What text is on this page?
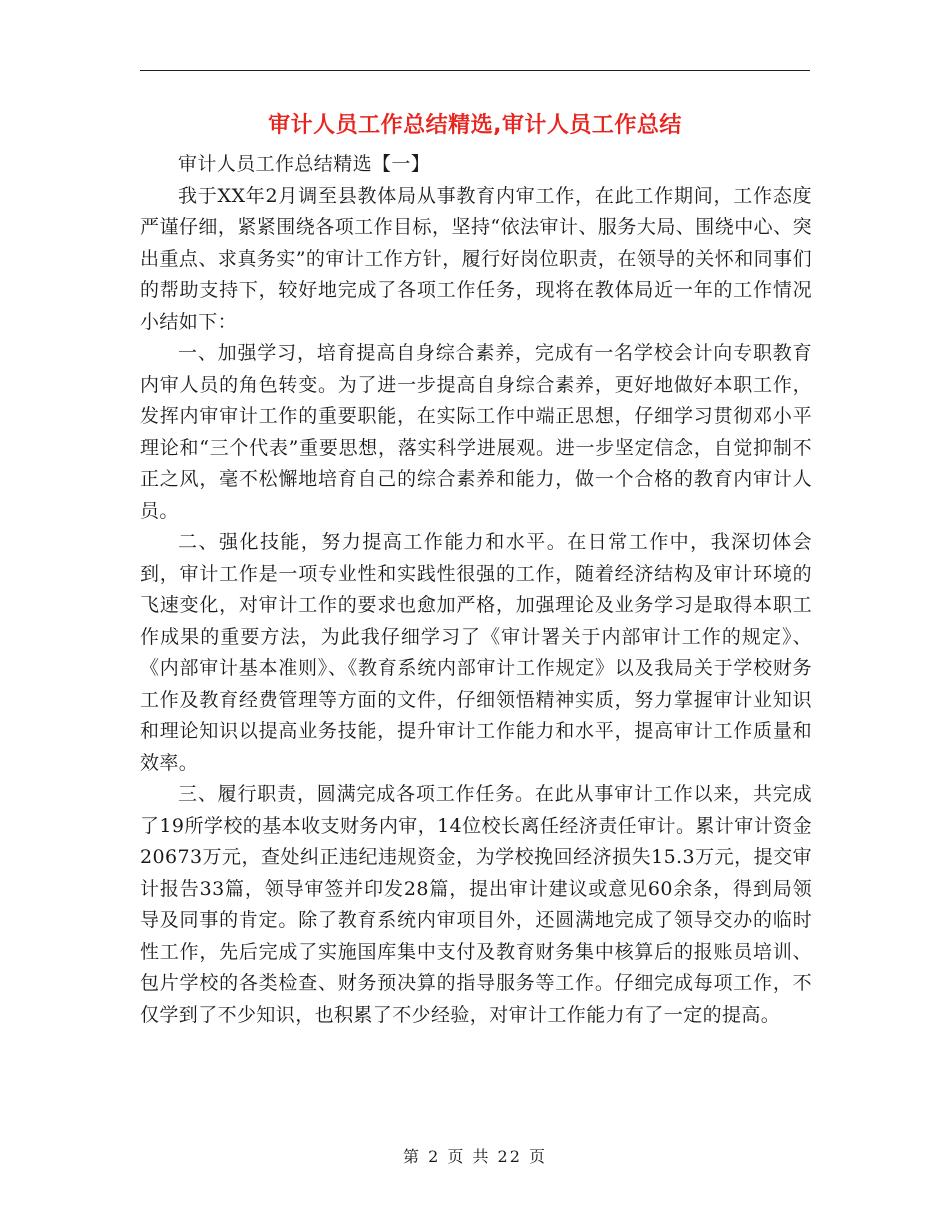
审计人员工作总结精选,审计人员工作总结

审计人员工作总结精选【一】

我于XX年2月调至县教体局从事教育内审工作，在此工作期间，工作态度严谨仔细，紧紧围绕各项工作目标，坚持“依法审计、服务大局、围绕中心、突出重点、求真务实”的审计工作方针，履行好岗位职责，在领导的关怀和同事们的帮助支持下，较好地完成了各项工作任务，现将在教体局近一年的工作情况小结如下：

一、加强学习，培育提高自身综合素养，完成有一名学校会计向专职教育内审人员的角色转变。为了进一步提高自身综合素养，更好地做好本职工作，发挥内审审计工作的重要职能，在实际工作中端正思想，仔细学习贯彻邓小平理论和“三个代表”重要思想，落实科学进展观。进一步坚定信念，自觉抑制不正之风，毫不松懈地培育自己的综合素养和能力，做一个合格的教育内审计人员。

二、强化技能，努力提高工作能力和水平。在日常工作中，我深切体会到，审计工作是一项专业性和实践性很强的工作，随着经济结构及审计环境的飞速变化，对审计工作的要求也愈加严格，加强理论及业务学习是取得本职工作成果的重要方法，为此我仔细学习了《审计署关于内部审计工作的规定》、《内部审计基本准则》、《教育系统内部审计工作规定》以及我局关于学校财务工作及教育经费管理等方面的文件，仔细领悟精神实质，努力掌握审计业知识和理论知识以提高业务技能，提升审计工作能力和水平，提高审计工作质量和效率。

三、履行职责，圆满完成各项工作任务。在此从事审计工作以来，共完成了19所学校的基本收支财务内审，14位校长离任经济责任审计。累计审计资金20673万元，查处纠正违纪违规资金，为学校挽回经济损失15.3万元，提交审计报告33篇，领导审签并印发28篇，提出审计建议或意见60余条，得到局领导及同事的肯定。除了教育系统内审项目外，还圆满地完成了领导交办的临时性工作，先后完成了实施国库集中支付及教育财务集中核算后的报账员培训、包片学校的各类检查、财务预决算的指导服务等工作。仔细完成每项工作，不仅学到了不少知识，也积累了不少经验，对审计工作能力有了一定的提高。

第 2 页 共 22 页
